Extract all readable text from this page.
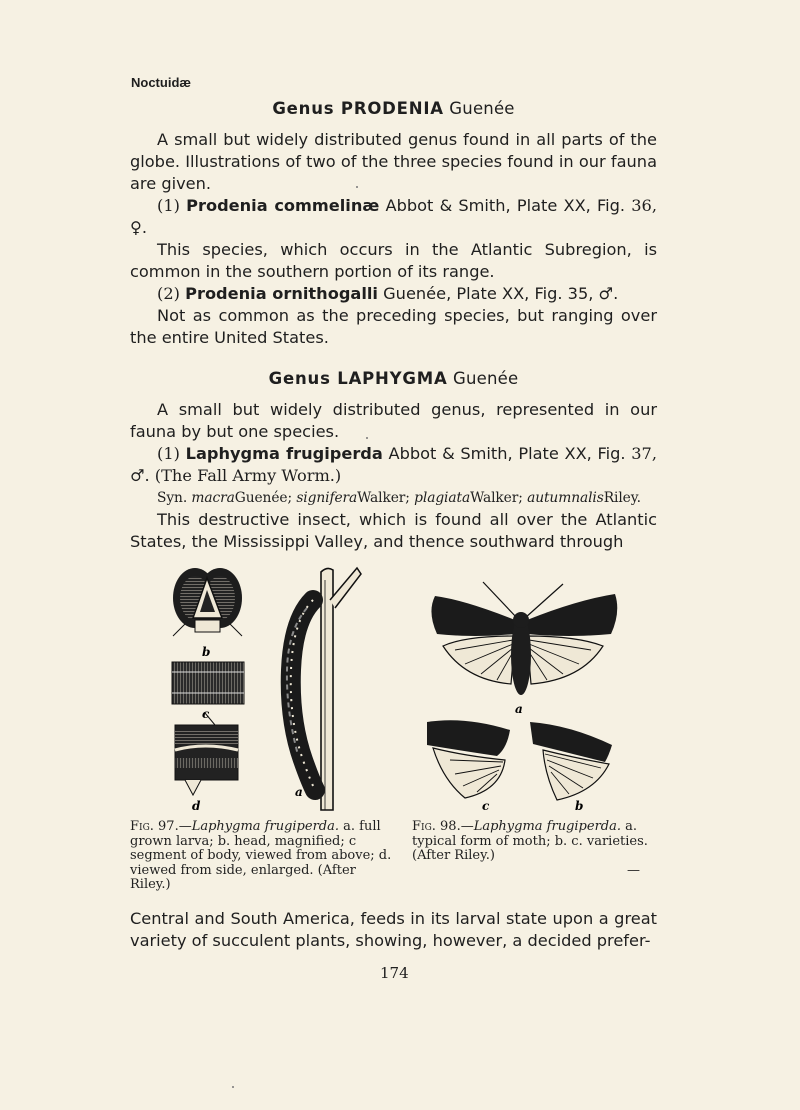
Noctuidæ
Genus PRODENIA Guenée

A small but widely distributed genus found in all parts of the globe. Illustrations of two of the three species found in our fauna are given.

(1) Prodenia commelinæ Abbot & Smith, Plate XX, Fig. 36, ♀.

This species, which occurs in the Atlantic Subregion, is common in the southern portion of its range.

(2) Prodenia ornithogalli Guenée, Plate XX, Fig. 35, ♂.

Not as common as the preceding species, but ranging over the entire United States.

Genus LAPHYGMA Guenée

A small but widely distributed genus, represented in our fauna by but one species.

(1) Laphygma frugiperda Abbot & Smith, Plate XX, Fig. 37, ♂. (The Fall Army Worm.)

Syn. macraGuenée; signiferaWalker; plagiataWalker; autumnalisRiley.

This destructive insect, which is found all over the Atlantic States, the Mississippi Valley, and thence southward through

b
c
d
a
a
c	b
Fig. 97.—Laphygma frugiperda. a. full grown larva; b. head, magnified; c segment of body, viewed from above; d. viewed from side, enlarged. (After Riley.)
Fig. 98.—Laphygma frugiperda. a. typical form of moth; b. c. varieties. (After Riley.)
—

Central and South America, feeds in its larval state upon a great variety of succulent plants, showing, however, a decided prefer-

174
